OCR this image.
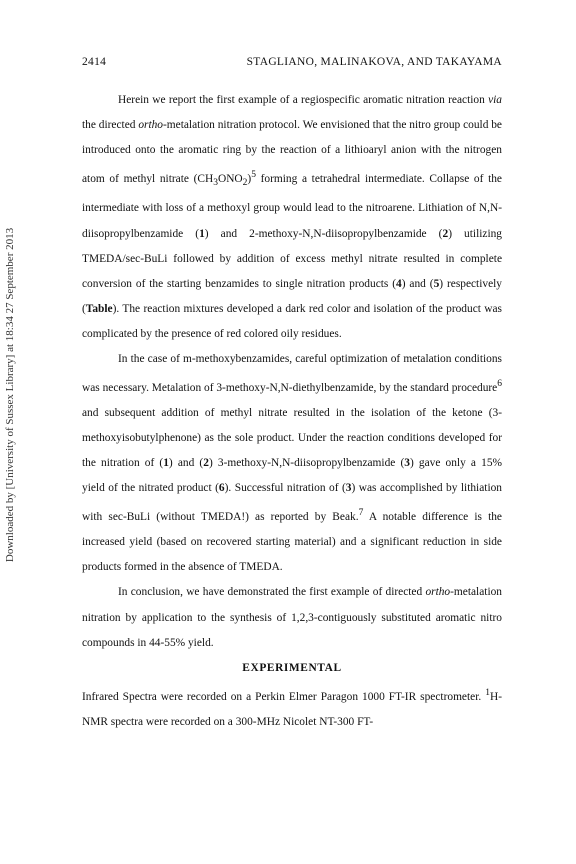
2414	STAGLIANO, MALINAKOVA, AND TAKAYAMA
Downloaded by [University of Sussex Library] at 18:34 27 September 2013

Herein we report the first example of a regiospecific aromatic nitration reaction via the directed ortho-metalation nitration protocol. We envisioned that the nitro group could be introduced onto the aromatic ring by the reaction of a lithioaryl anion with the nitrogen atom of methyl nitrate $(CH_3ONO_2)^5$ forming a tetrahedral intermediate. Collapse of the intermediate with loss of a methoxyl group would lead to the nitroarene. Lithiation of N,N-diisopropylbenzamide (1) and 2-methoxy-N,N-diisopropylbenzamide (2) utilizing TMEDA/sec-BuLi followed by addition of excess methyl nitrate resulted in complete conversion of the starting benzamides to single nitration products (4) and (5) respectively (Table). The reaction mixtures developed a dark red color and isolation of the product was complicated by the presence of red colored oily residues.

In the case of m-methoxybenzamides, careful optimization of metalation conditions was necessary. Metalation of 3-methoxy-N,N-diethylbenzamide, by the standard procedure$^6$ and subsequent addition of methyl nitrate resulted in the isolation of the ketone (3-methoxyisobutylphenone) as the sole product. Under the reaction conditions developed for the nitration of (1) and (2) 3-methoxy-N,N-diisopropylbenzamide (3) gave only a 15% yield of the nitrated product (6). Successful nitration of (3) was accomplished by lithiation with sec-BuLi (without TMEDA!) as reported by Beak.$^7$ A notable difference is the increased yield (based on recovered starting material) and a significant reduction in side products formed in the absence of TMEDA.

In conclusion, we have demonstrated the first example of directed ortho-metalation nitration by application to the synthesis of 1,2,3-contiguously substituted aromatic nitro compounds in 44-55% yield.

EXPERIMENTAL

Infrared Spectra were recorded on a Perkin Elmer Paragon 1000 FT-IR spectrometer. $^1$H-NMR spectra were recorded on a 300-MHz Nicolet NT-300 FT-
